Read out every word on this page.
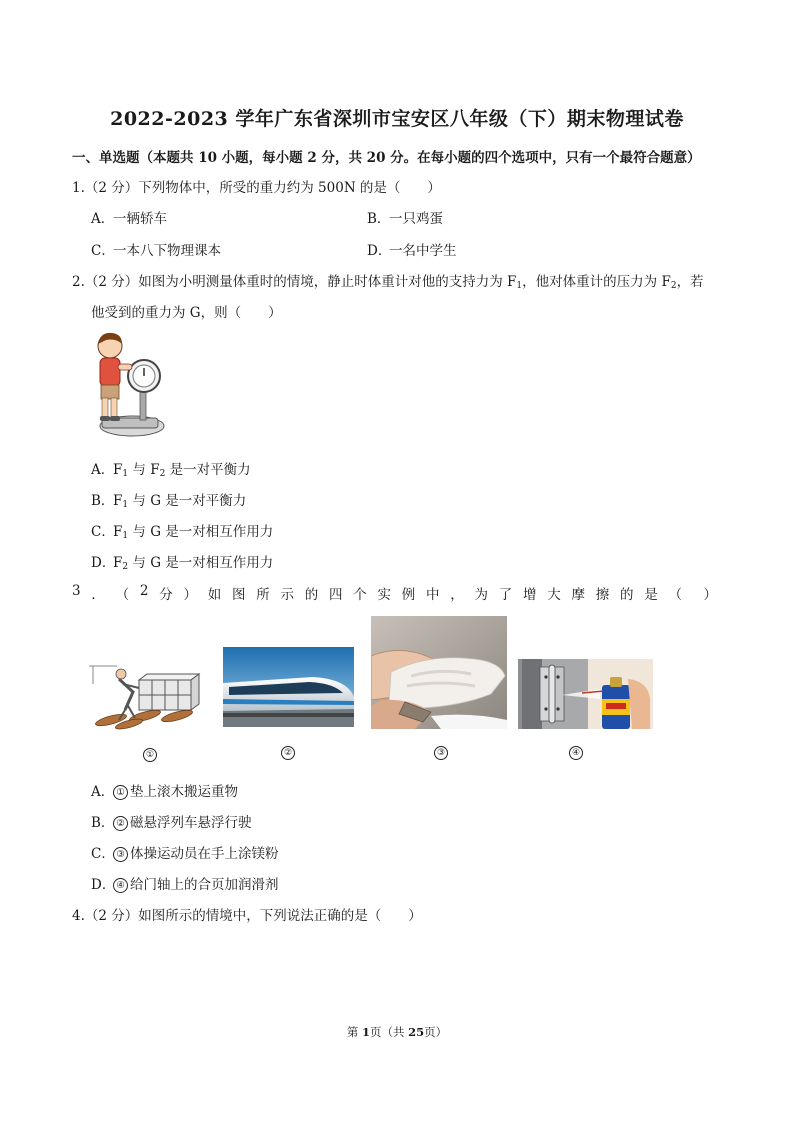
2022-2023 学年广东省深圳市宝安区八年级（下）期末物理试卷
一、单选题（本题共 10 小题，每小题 2 分，共 20 分。在每小题的四个选项中，只有一个最符合题意）
1.（2 分）下列物体中，所受的重力约为 500N 的是（　　）
A．一辆轿车	B．一只鸡蛋
C．一本八下物理课本	D．一名中学生
2.（2 分）如图为小明测量体重时的情境，静止时体重计对他的支持力为 $F_1$，他对体重计的压力为 $F_2$，若
他受到的重力为 G，则（　　）
A．$F_1$ 与 $F_2$ 是一对平衡力
B．$F_1$ 与 G 是一对平衡力
C．$F_1$ 与 G 是一对相互作用力
D．$F_2$ 与 G 是一对相互作用力
3 ． （ 2 分 ） 如 图 所 示 的 四 个 实 例 中 ， 为 了 增 大 摩 擦 的 是 （ ）
①	②	③	④
A． ① 垫上滚木搬运重物
B． ② 磁悬浮列车悬浮行驶
C．③ 体操运动员在手上涂镁粉
D．④ 给门轴上的合页加润滑剂
4.（2 分）如图所示的情境中，下列说法正确的是（　　）
第 1页（共 25页）
